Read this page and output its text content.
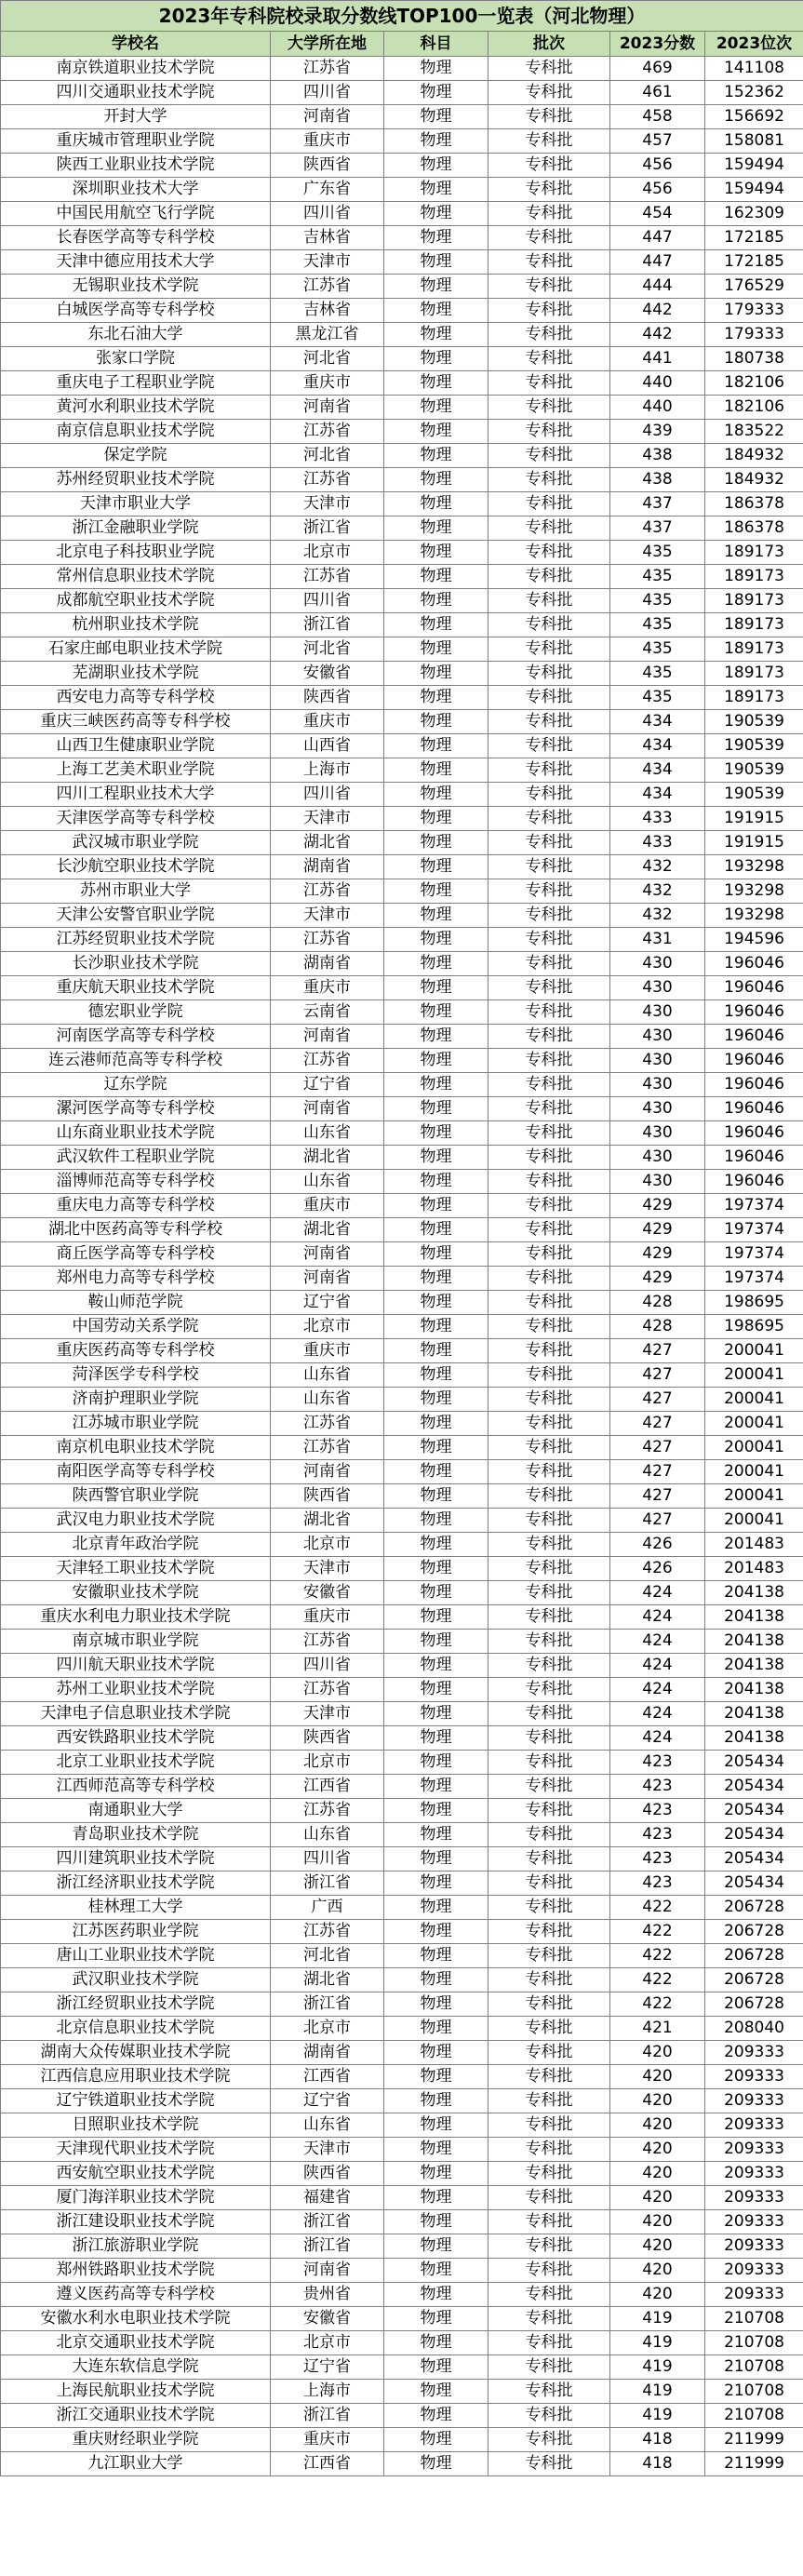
2023年专科院校录取分数线TOP100一览表（河北物理）					
学校名	大学所在地	科目	批次	2023分数	2023位次
南京铁道职业技术学院	江苏省	物理	专科批	469	141108
四川交通职业技术学院	四川省	物理	专科批	461	152362
开封大学	河南省	物理	专科批	458	156692
重庆城市管理职业学院	重庆市	物理	专科批	457	158081
陕西工业职业技术学院	陕西省	物理	专科批	456	159494
深圳职业技术大学	广东省	物理	专科批	456	159494
中国民用航空飞行学院	四川省	物理	专科批	454	162309
长春医学高等专科学校	吉林省	物理	专科批	447	172185
天津中德应用技术大学	天津市	物理	专科批	447	172185
无锡职业技术学院	江苏省	物理	专科批	444	176529
白城医学高等专科学校	吉林省	物理	专科批	442	179333
东北石油大学	黑龙江省	物理	专科批	442	179333
张家口学院	河北省	物理	专科批	441	180738
重庆电子工程职业学院	重庆市	物理	专科批	440	182106
黄河水利职业技术学院	河南省	物理	专科批	440	182106
南京信息职业技术学院	江苏省	物理	专科批	439	183522
保定学院	河北省	物理	专科批	438	184932
苏州经贸职业技术学院	江苏省	物理	专科批	438	184932
天津市职业大学	天津市	物理	专科批	437	186378
浙江金融职业学院	浙江省	物理	专科批	437	186378
北京电子科技职业学院	北京市	物理	专科批	435	189173
常州信息职业技术学院	江苏省	物理	专科批	435	189173
成都航空职业技术学院	四川省	物理	专科批	435	189173
杭州职业技术学院	浙江省	物理	专科批	435	189173
石家庄邮电职业技术学院	河北省	物理	专科批	435	189173
芜湖职业技术学院	安徽省	物理	专科批	435	189173
西安电力高等专科学校	陕西省	物理	专科批	435	189173
重庆三峡医药高等专科学校	重庆市	物理	专科批	434	190539
山西卫生健康职业学院	山西省	物理	专科批	434	190539
上海工艺美术职业学院	上海市	物理	专科批	434	190539
四川工程职业技术大学	四川省	物理	专科批	434	190539
天津医学高等专科学校	天津市	物理	专科批	433	191915
武汉城市职业学院	湖北省	物理	专科批	433	191915
长沙航空职业技术学院	湖南省	物理	专科批	432	193298
苏州市职业大学	江苏省	物理	专科批	432	193298
天津公安警官职业学院	天津市	物理	专科批	432	193298
江苏经贸职业技术学院	江苏省	物理	专科批	431	194596
长沙职业技术学院	湖南省	物理	专科批	430	196046
重庆航天职业技术学院	重庆市	物理	专科批	430	196046
德宏职业学院	云南省	物理	专科批	430	196046
河南医学高等专科学校	河南省	物理	专科批	430	196046
连云港师范高等专科学校	江苏省	物理	专科批	430	196046
辽东学院	辽宁省	物理	专科批	430	196046
漯河医学高等专科学校	河南省	物理	专科批	430	196046
山东商业职业技术学院	山东省	物理	专科批	430	196046
武汉软件工程职业学院	湖北省	物理	专科批	430	196046
淄博师范高等专科学校	山东省	物理	专科批	430	196046
重庆电力高等专科学校	重庆市	物理	专科批	429	197374
湖北中医药高等专科学校	湖北省	物理	专科批	429	197374
商丘医学高等专科学校	河南省	物理	专科批	429	197374
郑州电力高等专科学校	河南省	物理	专科批	429	197374
鞍山师范学院	辽宁省	物理	专科批	428	198695
中国劳动关系学院	北京市	物理	专科批	428	198695
重庆医药高等专科学校	重庆市	物理	专科批	427	200041
菏泽医学专科学校	山东省	物理	专科批	427	200041
济南护理职业学院	山东省	物理	专科批	427	200041
江苏城市职业学院	江苏省	物理	专科批	427	200041
南京机电职业技术学院	江苏省	物理	专科批	427	200041
南阳医学高等专科学校	河南省	物理	专科批	427	200041
陕西警官职业学院	陕西省	物理	专科批	427	200041
武汉电力职业技术学院	湖北省	物理	专科批	427	200041
北京青年政治学院	北京市	物理	专科批	426	201483
天津轻工职业技术学院	天津市	物理	专科批	426	201483
安徽职业技术学院	安徽省	物理	专科批	424	204138
重庆水利电力职业技术学院	重庆市	物理	专科批	424	204138
南京城市职业学院	江苏省	物理	专科批	424	204138
四川航天职业技术学院	四川省	物理	专科批	424	204138
苏州工业职业技术学院	江苏省	物理	专科批	424	204138
天津电子信息职业技术学院	天津市	物理	专科批	424	204138
西安铁路职业技术学院	陕西省	物理	专科批	424	204138
北京工业职业技术学院	北京市	物理	专科批	423	205434
江西师范高等专科学校	江西省	物理	专科批	423	205434
南通职业大学	江苏省	物理	专科批	423	205434
青岛职业技术学院	山东省	物理	专科批	423	205434
四川建筑职业技术学院	四川省	物理	专科批	423	205434
浙江经济职业技术学院	浙江省	物理	专科批	423	205434
桂林理工大学	广西	物理	专科批	422	206728
江苏医药职业学院	江苏省	物理	专科批	422	206728
唐山工业职业技术学院	河北省	物理	专科批	422	206728
武汉职业技术学院	湖北省	物理	专科批	422	206728
浙江经贸职业技术学院	浙江省	物理	专科批	422	206728
北京信息职业技术学院	北京市	物理	专科批	421	208040
湖南大众传媒职业技术学院	湖南省	物理	专科批	420	209333
江西信息应用职业技术学院	江西省	物理	专科批	420	209333
辽宁铁道职业技术学院	辽宁省	物理	专科批	420	209333
日照职业技术学院	山东省	物理	专科批	420	209333
天津现代职业技术学院	天津市	物理	专科批	420	209333
西安航空职业技术学院	陕西省	物理	专科批	420	209333
厦门海洋职业技术学院	福建省	物理	专科批	420	209333
浙江建设职业技术学院	浙江省	物理	专科批	420	209333
浙江旅游职业学院	浙江省	物理	专科批	420	209333
郑州铁路职业技术学院	河南省	物理	专科批	420	209333
遵义医药高等专科学校	贵州省	物理	专科批	420	209333
安徽水利水电职业技术学院	安徽省	物理	专科批	419	210708
北京交通职业技术学院	北京市	物理	专科批	419	210708
大连东软信息学院	辽宁省	物理	专科批	419	210708
上海民航职业技术学院	上海市	物理	专科批	419	210708
浙江交通职业技术学院	浙江省	物理	专科批	419	210708
重庆财经职业学院	重庆市	物理	专科批	418	211999
九江职业大学	江西省	物理	专科批	418	211999
